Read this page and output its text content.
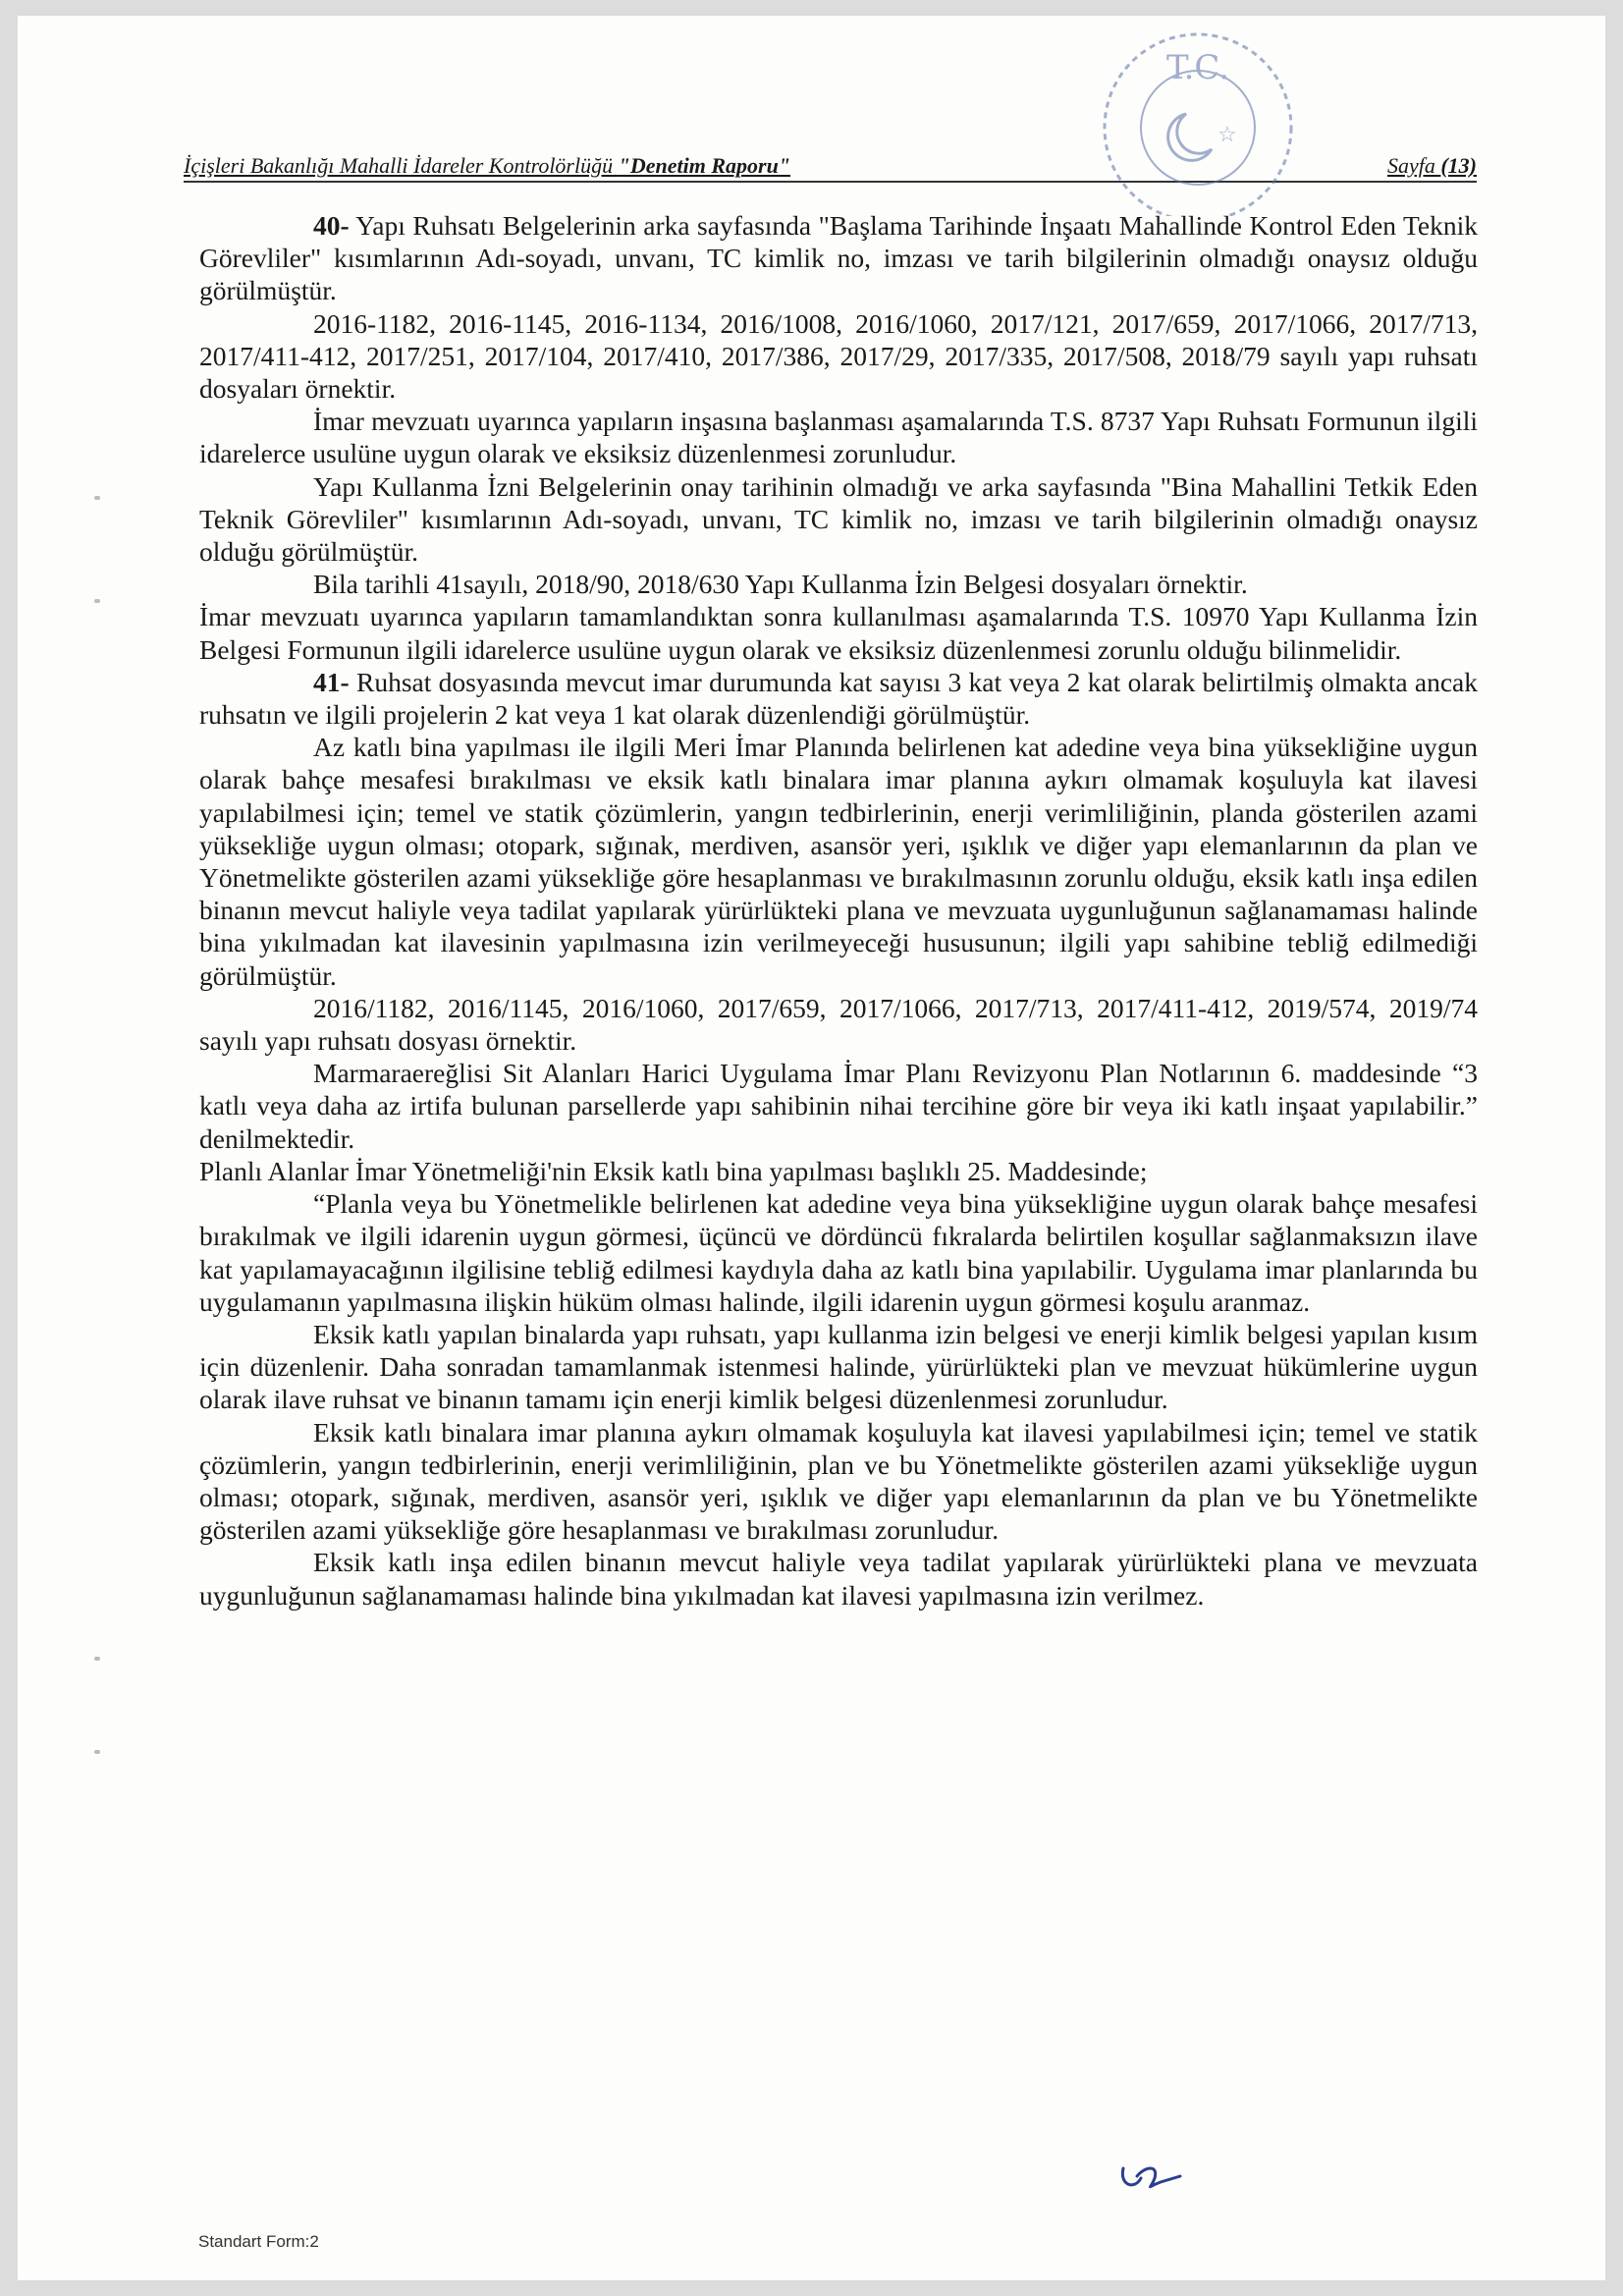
İçişleri Bakanlığı Mahalli İdareler Kontrolörlüğü "Denetim Raporu"	Sayfa (13)
T.C.
☆

40- Yapı Ruhsatı Belgelerinin arka sayfasında "Başlama Tarihinde İnşaatı Mahallinde Kontrol Eden Teknik Görevliler" kısımlarının Adı-soyadı, unvanı, TC kimlik no, imzası ve tarih bilgilerinin olmadığı onaysız olduğu görülmüştür.

2016-1182, 2016-1145, 2016-1134, 2016/1008, 2016/1060, 2017/121, 2017/659, 2017/1066, 2017/713, 2017/411-412, 2017/251, 2017/104, 2017/410, 2017/386, 2017/29, 2017/335, 2017/508, 2018/79 sayılı yapı ruhsatı dosyaları örnektir.

İmar mevzuatı uyarınca yapıların inşasına başlanması aşamalarında T.S. 8737 Yapı Ruhsatı Formunun ilgili idarelerce usulüne uygun olarak ve eksiksiz düzenlenmesi zorunludur.

Yapı Kullanma İzni Belgelerinin onay tarihinin olmadığı ve arka sayfasında "Bina Mahallini Tetkik Eden Teknik Görevliler" kısımlarının Adı-soyadı, unvanı, TC kimlik no, imzası ve tarih bilgilerinin olmadığı onaysız olduğu görülmüştür.

Bila tarihli 41sayılı, 2018/90, 2018/630 Yapı Kullanma İzin Belgesi dosyaları örnektir.

İmar mevzuatı uyarınca yapıların tamamlandıktan sonra kullanılması aşamalarında T.S. 10970 Yapı Kullanma İzin Belgesi Formunun ilgili idarelerce usulüne uygun olarak ve eksiksiz düzenlenmesi zorunlu olduğu bilinmelidir.

41- Ruhsat dosyasında mevcut imar durumunda kat sayısı 3 kat veya 2 kat olarak belirtilmiş olmakta ancak ruhsatın ve ilgili projelerin 2 kat veya 1 kat olarak düzenlendiği görülmüştür.

Az katlı bina yapılması ile ilgili Meri İmar Planında belirlenen kat adedine veya bina yüksekliğine uygun olarak bahçe mesafesi bırakılması ve eksik katlı binalara imar planına aykırı olmamak koşuluyla kat ilavesi yapılabilmesi için; temel ve statik çözümlerin, yangın tedbirlerinin, enerji verimliliğinin, planda gösterilen azami yüksekliğe uygun olması; otopark, sığınak, merdiven, asansör yeri, ışıklık ve diğer yapı elemanlarının da plan ve Yönetmelikte gösterilen azami yüksekliğe göre hesaplanması ve bırakılmasının zorunlu olduğu, eksik katlı inşa edilen binanın mevcut haliyle veya tadilat yapılarak yürürlükteki plana ve mevzuata uygunluğunun sağlanamaması halinde bina yıkılmadan kat ilavesinin yapılmasına izin verilmeyeceği hususunun; ilgili yapı sahibine tebliğ edilmediği görülmüştür.

2016/1182, 2016/1145, 2016/1060, 2017/659, 2017/1066, 2017/713, 2017/411-412, 2019/574, 2019/74 sayılı yapı ruhsatı dosyası örnektir.

Marmaraereğlisi Sit Alanları Harici Uygulama İmar Planı Revizyonu Plan Notlarının 6. maddesinde “3 katlı veya daha az irtifa bulunan parsellerde yapı sahibinin nihai tercihine göre bir veya iki katlı inşaat yapılabilir.” denilmektedir.

Planlı Alanlar İmar Yönetmeliği'nin Eksik katlı bina yapılması başlıklı 25. Maddesinde;

“Planla veya bu Yönetmelikle belirlenen kat adedine veya bina yüksekliğine uygun olarak bahçe mesafesi bırakılmak ve ilgili idarenin uygun görmesi, üçüncü ve dördüncü fıkralarda belirtilen koşullar sağlanmaksızın ilave kat yapılamayacağının ilgilisine tebliğ edilmesi kaydıyla daha az katlı bina yapılabilir. Uygulama imar planlarında bu uygulamanın yapılmasına ilişkin hüküm olması halinde, ilgili idarenin uygun görmesi koşulu aranmaz.

Eksik katlı yapılan binalarda yapı ruhsatı, yapı kullanma izin belgesi ve enerji kimlik belgesi yapılan kısım için düzenlenir. Daha sonradan tamamlanmak istenmesi halinde, yürürlükteki plan ve mevzuat hükümlerine uygun olarak ilave ruhsat ve binanın tamamı için enerji kimlik belgesi düzenlenmesi zorunludur.

Eksik katlı binalara imar planına aykırı olmamak koşuluyla kat ilavesi yapılabilmesi için; temel ve statik çözümlerin, yangın tedbirlerinin, enerji verimliliğinin, plan ve bu Yönetmelikte gösterilen azami yüksekliğe uygun olması; otopark, sığınak, merdiven, asansör yeri, ışıklık ve diğer yapı elemanlarının da plan ve bu Yönetmelikte gösterilen azami yüksekliğe göre hesaplanması ve bırakılması zorunludur.

Eksik katlı inşa edilen binanın mevcut haliyle veya tadilat yapılarak yürürlükteki plana ve mevzuata uygunluğunun sağlanamaması halinde bina yıkılmadan kat ilavesi yapılmasına izin verilmez.

Standart Form:2
